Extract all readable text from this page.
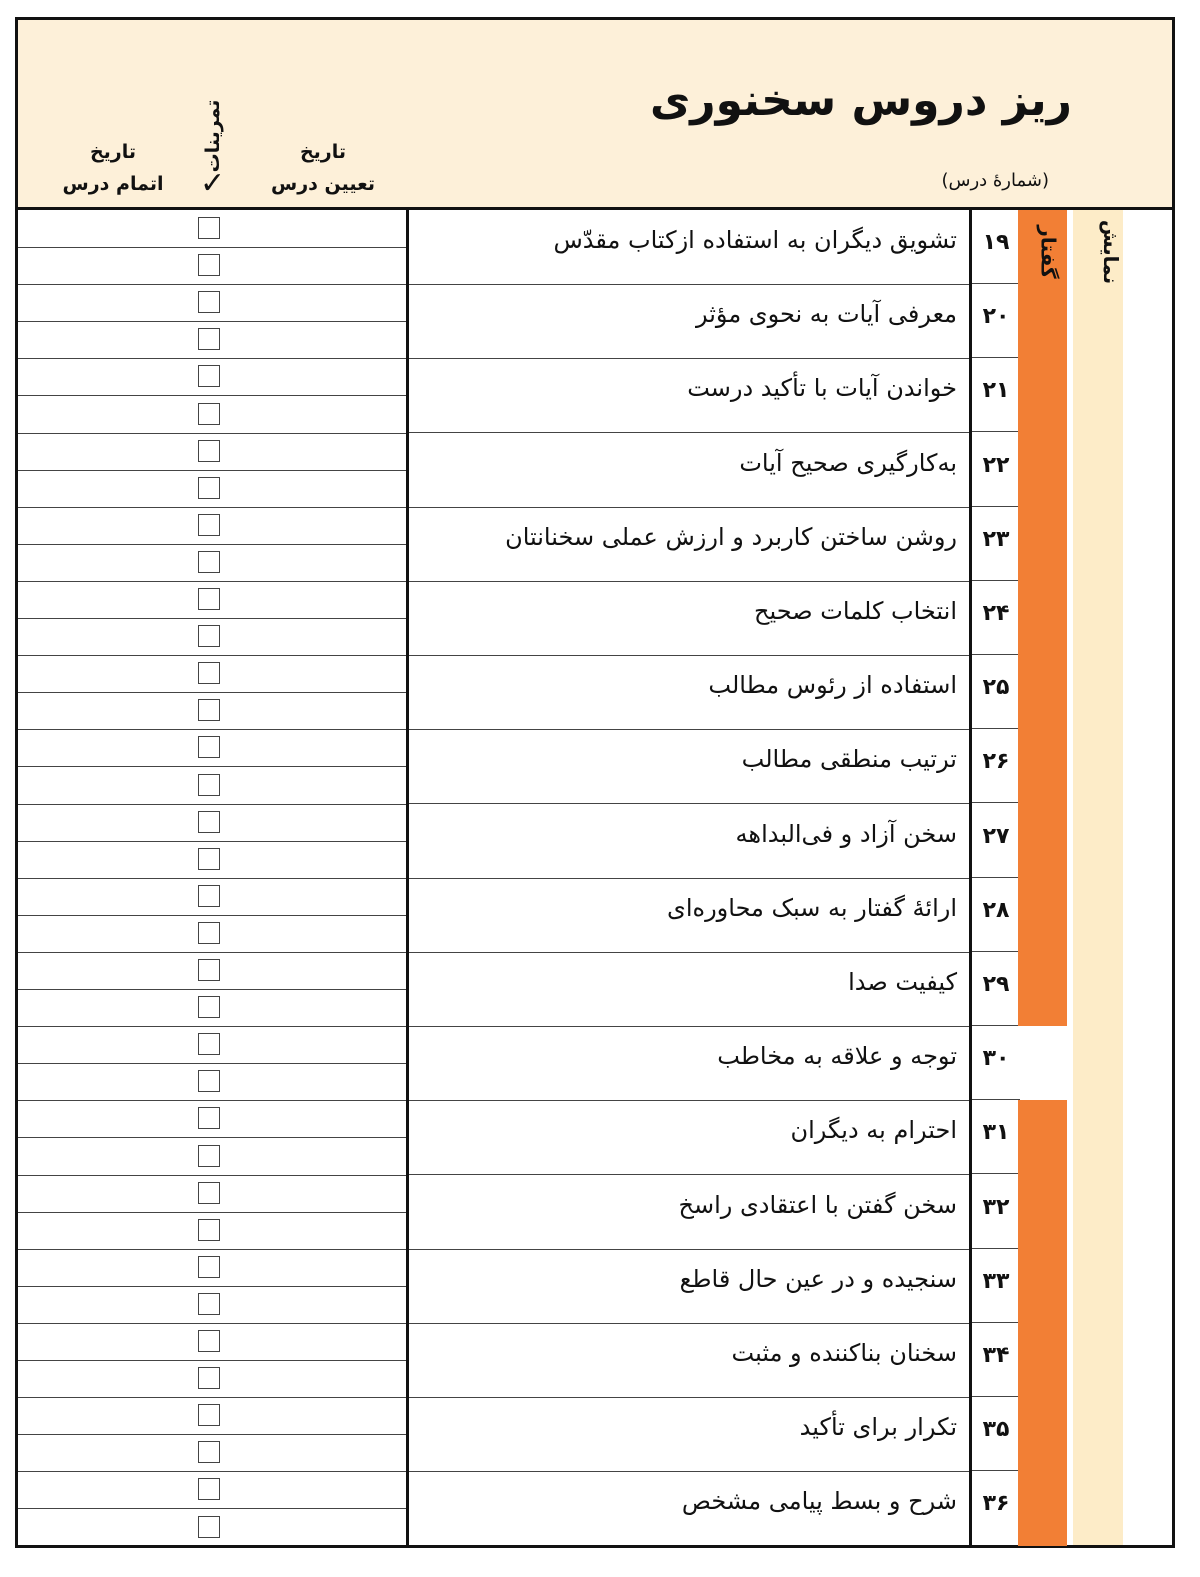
ریز دروس سخنوری
(شمارهٔ درس)
تاریخ
تعیین درس
تمرینات
✓
تاریخ
اتمام درس
تشویق دیگران به استفاده ازکتاب مقدّس
معرفی آیات به نحوی مؤثر
خواندن آیات با تأکید درست
به‌کارگیری صحیح آیات
روشن ساختن کاربرد و ارزش عملی سخنانتان
انتخاب کلمات صحیح
استفاده از رئوس مطالب
ترتیب منطقی مطالب
سخن آزاد و فی‌البداهه
ارائهٔ گفتار به سبک محاوره‌ای
کیفیت صدا
توجه و علاقه به مخاطب
احترام به دیگران
سخن گفتن با اعتقادی راسخ
سنجیده و در عین حال قاطع
سخنان بناکننده و مثبت
تکرار برای تأکید
شرح و بسط پیامی مشخص
۱۹
۲۰
۲۱
۲۲
۲۳
۲۴
۲۵
۲۶
۲۷
۲۸
۲۹
۳۰
۳۱
۳۲
۳۳
۳۴
۳۵
۳۶
گفتار نمایش
